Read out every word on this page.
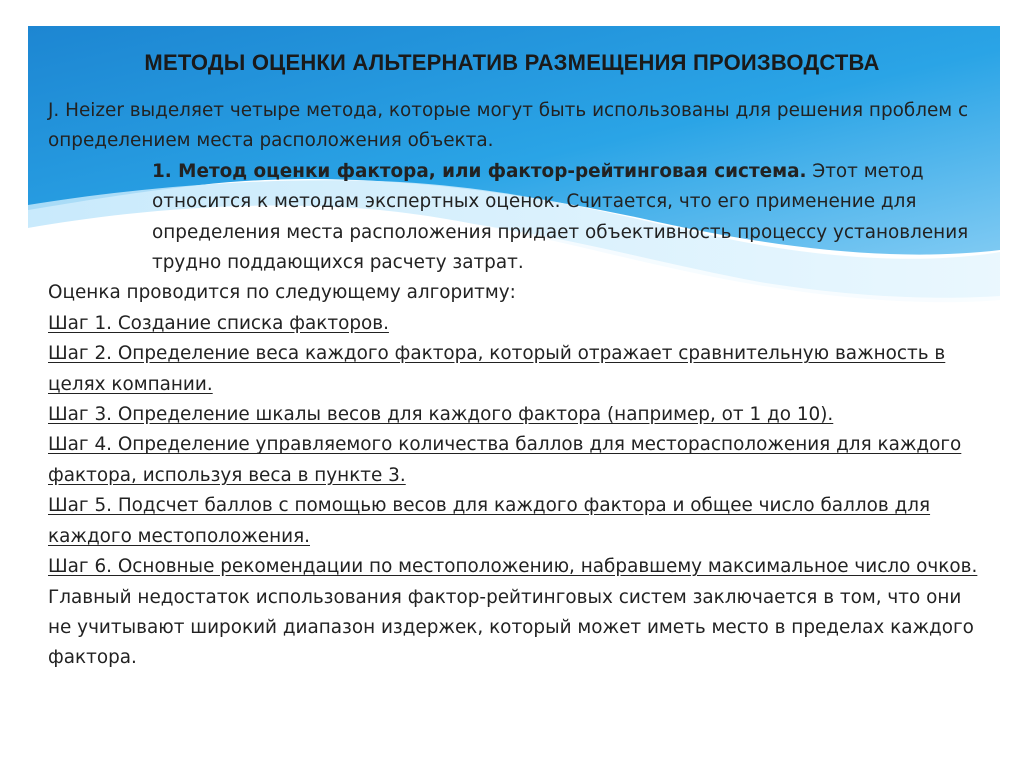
МЕТОДЫ ОЦЕНКИ АЛЬТЕРНАТИВ РАЗМЕЩЕНИЯ ПРОИЗВОДСТВА

J. Heizer выделяет четыре метода, которые могут быть использованы для решения проблем с определением места расположения объекта.

1. Метод оценки фактора, или фактор-рейтинговая система. Этот метод относится к методам экспертных оценок. Считается, что его применение для определения места расположения придает объективность процессу установления трудно поддающихся расчету затрат.

Оценка проводится по следующему алгоритму:

Шаг 1. Создание списка факторов.

Шаг 2. Определение веса каждого фактора, который отражает сравнительную важность в целях компании.

Шаг 3. Определение шкалы весов для каждого фактора (например, от 1 до 10).

Шаг 4. Определение управляемого количества баллов для месторасположения для каждого фактора, используя веса в пункте 3.

Шаг 5. Подсчет баллов с помощью весов для каждого фактора и общее число баллов для каждого местоположения.

Шаг 6. Основные рекомендации по местоположению, набравшему максимальное число очков.

Главный недостаток использования фактор-рейтинговых систем заключается в том, что они не учитывают широкий диапазон издержек, который может иметь место в пределах каждого фактора.
